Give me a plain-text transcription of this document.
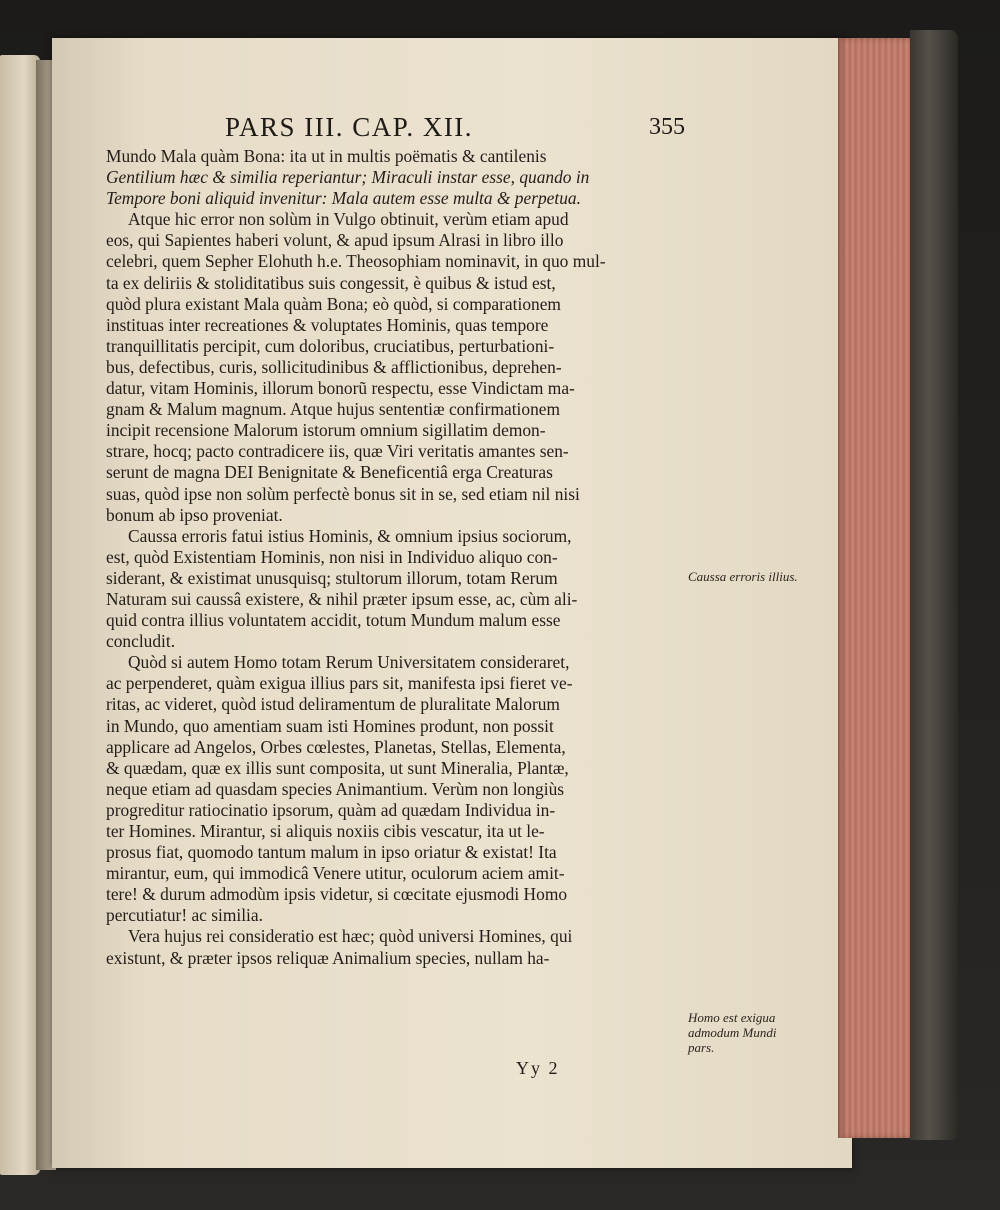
PARS III. CAP. XII.	355
Mundo Mala quàm Bona: ita ut in multis poëmatis & cantilenis
Gentilium hæc & similia reperiantur; Miraculi instar esse, quando in
Tempore boni aliquid invenitur: Mala autem esse multa & perpetua.
Atque hic error non solùm in Vulgo obtinuit, verùm etiam apud
eos, qui Sapientes haberi volunt, & apud ipsum Alrasi in libro illo
celebri, quem Sepher Elohuth h.e. Theosophiam nominavit, in quo mul-
ta ex deliriis & stoliditatibus suis congessit, è quibus & istud est,
quòd plura existant Mala quàm Bona; eò quòd, si comparationem
instituas inter recreationes & voluptates Hominis, quas tempore
tranquillitatis percipit, cum doloribus, cruciatibus, perturbationi-
bus, defectibus, curis, sollicitudinibus & afflictionibus, deprehen-
datur, vitam Hominis, illorum bonorũ respectu, esse Vindictam ma-
gnam & Malum magnum. Atque hujus sententiæ confirmationem
incipit recensione Malorum istorum omnium sigillatim demon-
strare, hocq; pacto contradicere iis, quæ Viri veritatis amantes sen-
serunt de magna DEI Benignitate & Beneficentiâ erga Creaturas
suas, quòd ipse non solùm perfectè bonus sit in se, sed etiam nil nisi
bonum ab ipso proveniat.
Caussa erroris fatui istius Hominis, & omnium ipsius sociorum,
est, quòd Existentiam Hominis, non nisi in Individuo aliquo con-
siderant, & existimat unusquisq; stultorum illorum, totam Rerum
Naturam sui caussâ existere, & nihil præter ipsum esse, ac, cùm ali-
quid contra illius voluntatem accidit, totum Mundum malum esse
concludit.
Quòd si autem Homo totam Rerum Universitatem consideraret,
ac perpenderet, quàm exigua illius pars sit, manifesta ipsi fieret ve-
ritas, ac videret, quòd istud deliramentum de pluralitate Malorum
in Mundo, quo amentiam suam isti Homines produnt, non possit
applicare ad Angelos, Orbes cœlestes, Planetas, Stellas, Elementa,
& quædam, quæ ex illis sunt composita, ut sunt Mineralia, Plantæ,
neque etiam ad quasdam species Animantium. Verùm non longiùs
progreditur ratiocinatio ipsorum, quàm ad quædam Individua in-
ter Homines. Mirantur, si aliquis noxiis cibis vescatur, ita ut le-
prosus fiat, quomodo tantum malum in ipso oriatur & existat! Ita
mirantur, eum, qui immodicâ Venere utitur, oculorum aciem amit-
tere! & durum admodùm ipsis videtur, si cœcitate ejusmodi Homo
percutiatur! ac similia.
Vera hujus rei consideratio est hæc; quòd universi Homines, qui
existunt, & præter ipsos reliquæ Animalium species, nullam ha-
Caussa erroris illius.
Homo est exigua admodum Mundi pars.
Yy 2
